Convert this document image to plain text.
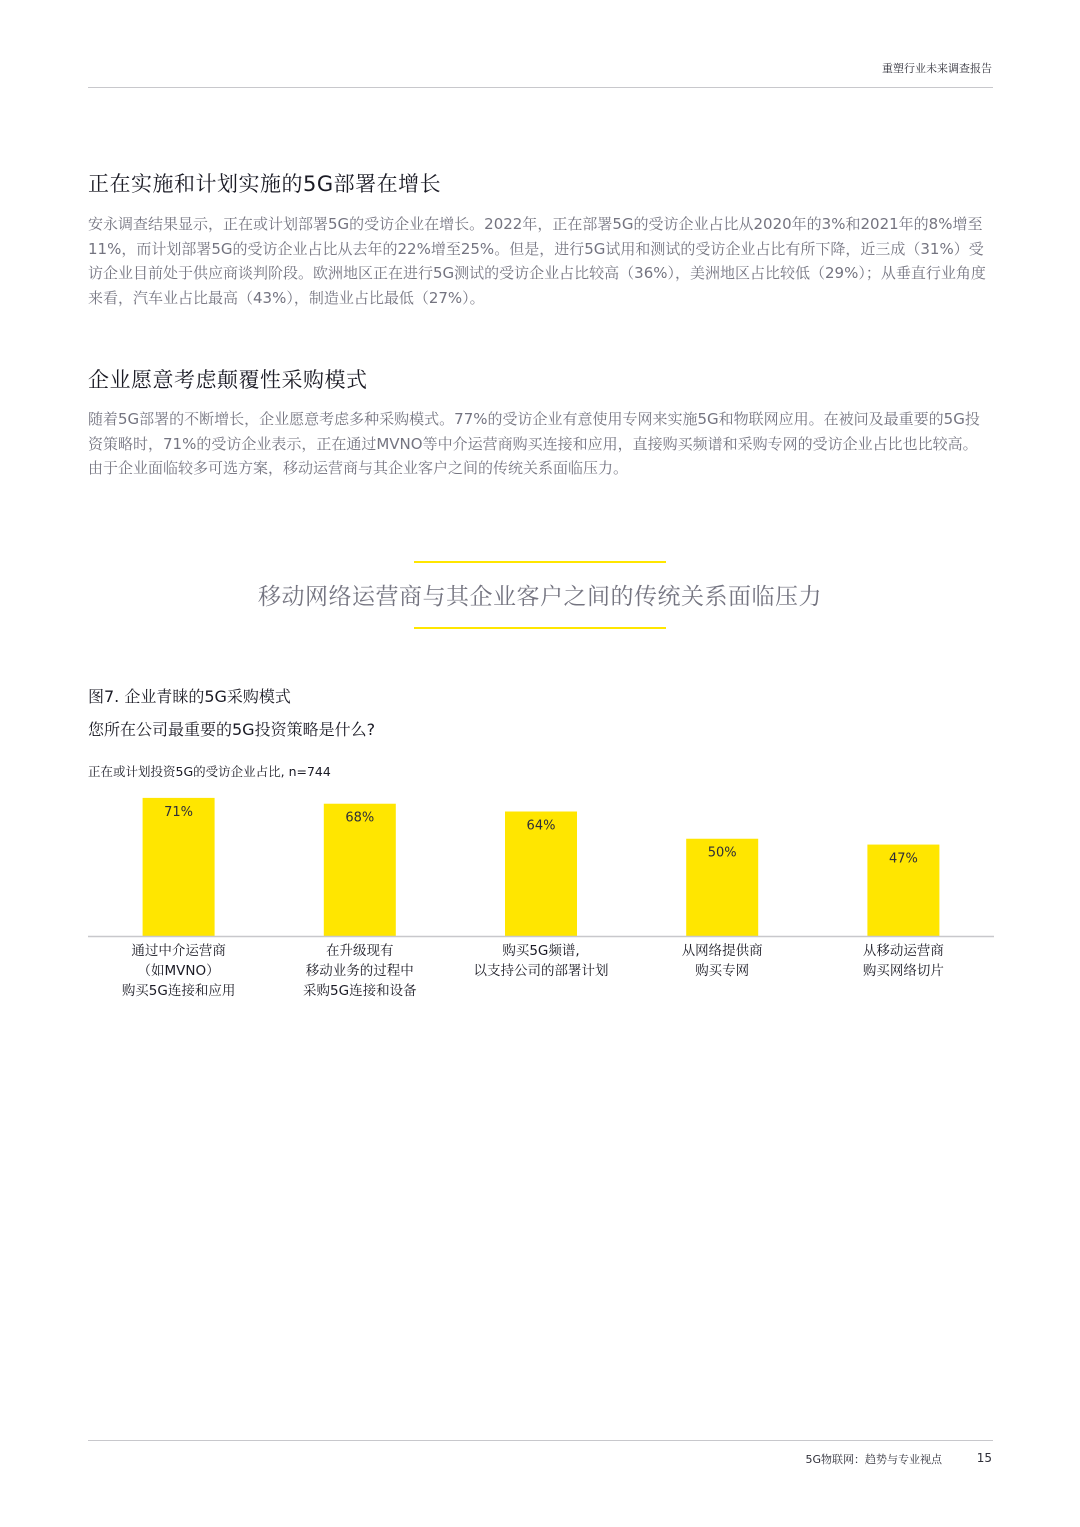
重塑行业未来调查报告
正在实施和计划实施的5G部署在增长
安永调查结果显示，正在或计划部署5G的受访企业在增长。2022年，正在部署5G的受访企业占比从2020年的3%和2021年的8%增至11%，而计划部署5G的受访企业占比从去年的22%增至25%。但是，进行5G试用和测试的受访企业占比有所下降，近三成（31%）受访企业目前处于供应商谈判阶段。欧洲地区正在进行5G测试的受访企业占比较高（36%），美洲地区占比较低（29%）；从垂直行业角度来看，汽车业占比最高（43%），制造业占比最低（27%）。
企业愿意考虑颠覆性采购模式
随着5G部署的不断增长，企业愿意考虑多种采购模式。77%的受访企业有意使用专网来实施5G和物联网应用。在被问及最重要的5G投资策略时，71%的受访企业表示，正在通过MVNO等中介运营商购买连接和应用，直接购买频谱和采购专网的受访企业占比也比较高。由于企业面临较多可选方案，移动运营商与其企业客户之间的传统关系面临压力。
移动网络运营商与其企业客户之间的传统关系面临压力
图7. 企业青睐的5G采购模式
您所在公司最重要的5G投资策略是什么?
正在或计划投资5G的受访企业占比, n=744
71%
通过中介运营商
（如MVNO）
购买5G连接和应用
68%
在升级现有
移动业务的过程中
采购5G连接和设备
64%
购买5G频谱,
以支持公司的部署计划
50%
从网络提供商
购买专网
47%
从移动运营商
购买网络切片
5G物联网：趋势与专业视点	15
